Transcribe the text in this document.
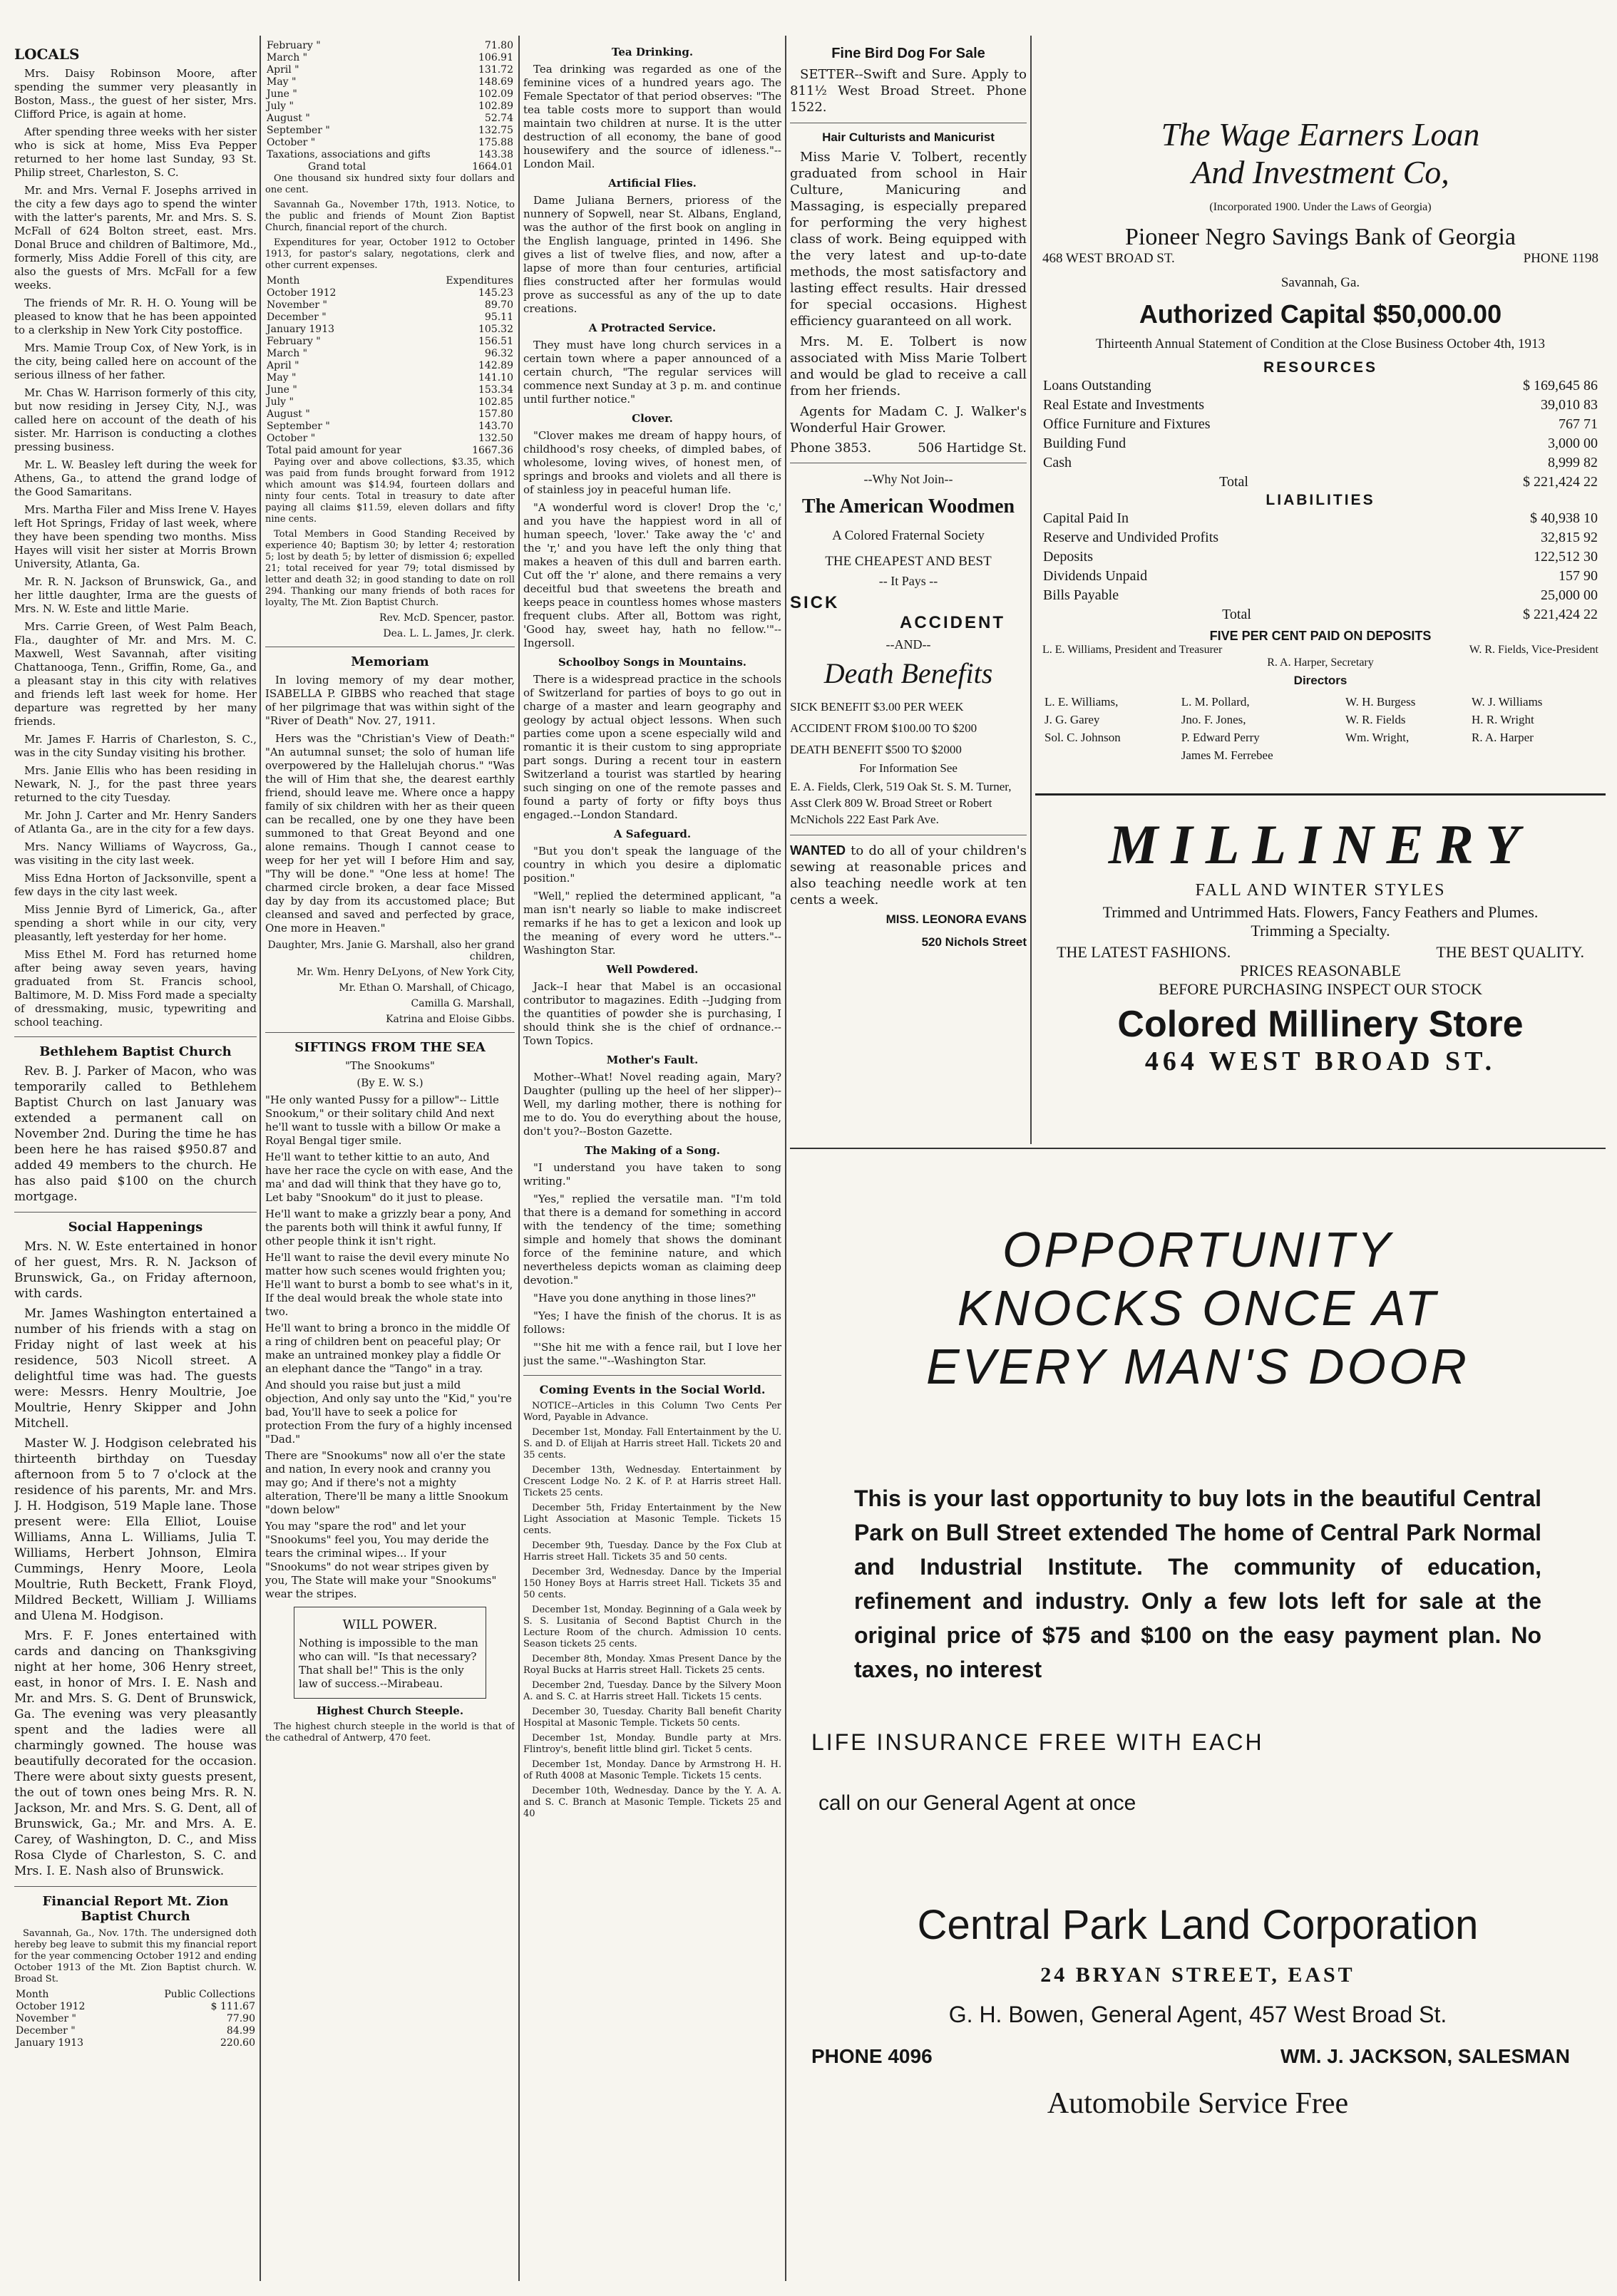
LOCALS

Mrs. Daisy Robinson Moore, after spending the summer very pleasantly in Boston, Mass., the guest of her sister, Mrs. Clifford Price, is again at home.

After spending three weeks with her sister who is sick at home, Miss Eva Pepper returned to her home last Sunday, 93 St. Philip street, Charleston, S. C.

Mr. and Mrs. Vernal F. Josephs arrived in the city a few days ago to spend the winter with the latter's parents, Mr. and Mrs. S. S. McFall of 624 Bolton street, east. Mrs. Donal Bruce and children of Baltimore, Md., formerly, Miss Addie Forell of this city, are also the guests of Mrs. McFall for a few weeks.

The friends of Mr. R. H. O. Young will be pleased to know that he has been appointed to a clerkship in New York City postoffice.

Mrs. Mamie Troup Cox, of New York, is in the city, being called here on account of the serious illness of her father.

Mr. Chas W. Harrison formerly of this city, but now residing in Jersey City, N.J., was called here on account of the death of his sister. Mr. Harrison is conducting a clothes pressing business.

Mr. L. W. Beasley left during the week for Athens, Ga., to attend the grand lodge of the Good Samaritans.

Mrs. Martha Filer and Miss Irene V. Hayes left Hot Springs, Friday of last week, where they have been spending two months. Miss Hayes will visit her sister at Morris Brown University, Atlanta, Ga.

Mr. R. N. Jackson of Brunswick, Ga., and her little daughter, Irma are the guests of Mrs. N. W. Este and little Marie.

Mrs. Carrie Green, of West Palm Beach, Fla., daughter of Mr. and Mrs. M. C. Maxwell, West Savannah, after visiting Chattanooga, Tenn., Griffin, Rome, Ga., and a pleasant stay in this city with relatives and friends left last week for home. Her departure was regretted by her many friends.

Mr. James F. Harris of Charleston, S. C., was in the city Sunday visiting his brother.

Mrs. Janie Ellis who has been residing in Newark, N. J., for the past three years returned to the city Tuesday.

Mr. John J. Carter and Mr. Henry Sanders of Atlanta Ga., are in the city for a few days.

Mrs. Nancy Williams of Waycross, Ga., was visiting in the city last week.

Miss Edna Horton of Jacksonville, spent a few days in the city last week.

Miss Jennie Byrd of Limerick, Ga., after spending a short while in our city, very pleasantly, left yesterday for her home.

Miss Ethel M. Ford has returned home after being away seven years, having graduated from St. Francis school, Baltimore, M. D. Miss Ford made a specialty of dressmaking, music, typewriting and school teaching.

Bethlehem Baptist Church

Rev. B. J. Parker of Macon, who was temporarily called to Bethlehem Baptist Church on last January was extended a permanent call on November 2nd. During the time he has been here he has raised $950.87 and added 49 members to the church. He has also paid $100 on the church mortgage.

Social Happenings

Mrs. N. W. Este entertained in honor of her guest, Mrs. R. N. Jackson of Brunswick, Ga., on Friday afternoon, with cards.

Mr. James Washington entertained a number of his friends with a stag on Friday night of last week at his residence, 503 Nicoll street. A delightful time was had. The guests were: Messrs. Henry Moultrie, Joe Moultrie, Henry Skipper and John Mitchell.

Master W. J. Hodgison celebrated his thirteenth birthday on Tuesday afternoon from 5 to 7 o'clock at the residence of his parents, Mr. and Mrs. J. H. Hodgison, 519 Maple lane. Those present were: Ella Elliot, Louise Williams, Anna L. Williams, Julia T. Williams, Herbert Johnson, Elmira Cummings, Henry Moore, Leola Moultrie, Ruth Beckett, Frank Floyd, Mildred Beckett, William J. Williams and Ulena M. Hodgison.

Mrs. F. F. Jones entertained with cards and dancing on Thanksgiving night at her home, 306 Henry street, east, in honor of Mrs. I. E. Nash and Mr. and Mrs. S. G. Dent of Brunswick, Ga. The evening was very pleasantly spent and the ladies were all charmingly gowned. The house was beautifully decorated for the occasion. There were about sixty guests present, the out of town ones being Mrs. R. N. Jackson, Mr. and Mrs. S. G. Dent, all of Brunswick, Ga.; Mr. and Mrs. A. E. Carey, of Washington, D. C., and Miss Rosa Clyde of Charleston, S. C. and Mrs. I. E. Nash also of Brunswick.

Financial Report Mt. Zion Baptist Church

Savannah, Ga., Nov. 17th. The undersigned doth hereby beg leave to submit this my financial report for the year commencing October 1912 and ending October 1913 of the Mt. Zion Baptist church. W. Broad St.

Month	Public Collections
October 1912	$ 111.67
November "	77.90
December "	84.99
January 1913	220.60
February "	71.80
March "	106.91
April "	131.72
May "	148.69
June "	102.09
July "	102.89
August "	52.74
September "	132.75
October "	175.88
Taxations, associations and gifts	143.38
Grand total	1664.01

One thousand six hundred sixty four dollars and one cent.

Savannah Ga., November 17th, 1913. Notice, to the public and friends of Mount Zion Baptist Church, financial report of the church.

Expenditures for year, October 1912 to October 1913, for pastor's salary, negotations, clerk and other current expenses.

Month	Expenditures
October 1912	145.23
November "	89.70
December "	95.11
January 1913	105.32
February "	156.51
March "	96.32
April "	142.89
May "	141.10
June "	153.34
July "	102.85
August "	157.80
September "	143.70
October "	132.50
Total paid amount for year	1667.36

Paying over and above collections, $3.35, which was paid from funds brought forward from 1912 which amount was $14.94, fourteen dollars and ninty four cents. Total in treasury to date after paying all claims $11.59, eleven dollars and fifty nine cents.

Total Members in Good Standing Received by experience 40; Baptism 30; by letter 4; restoration 5; lost by death 5; by letter of dismission 6; expelled 21; total received for year 79; total dismissed by letter and death 32; in good standing to date on roll 294. Thanking our many friends of both races for loyalty, The Mt. Zion Baptist Church.

Rev. McD. Spencer, pastor.
Dea. L. L. James, Jr. clerk.
Memoriam

In loving memory of my dear mother, ISABELLA P. GIBBS who reached that stage of her pilgrimage that was within sight of the "River of Death" Nov. 27, 1911.

Hers was the "Christian's View of Death:" "An autumnal sunset; the solo of human life overpowered by the Hallelujah chorus." "Was the will of Him that she, the dearest earthly friend, should leave me. Where once a happy family of six children with her as their queen can be recalled, one by one they have been summoned to that Great Beyond and one alone remains. Though I cannot cease to weep for her yet will I before Him and say, "Thy will be done." "One less at home! The charmed circle broken, a dear face Missed day by day from its accustomed place; But cleansed and saved and perfected by grace, One more in Heaven."

Daughter, Mrs. Janie G. Marshall, also her grand children,
Mr. Wm. Henry DeLyons, of New York City,
Mr. Ethan O. Marshall, of Chicago,
Camilla G. Marshall,
Katrina and Eloise Gibbs.
SIFTINGS FROM THE SEA
"The Snookums"
(By E. W. S.)

"He only wanted Pussy for a pillow"-- Little Snookum," or their solitary child And next he'll want to tussle with a billow Or make a Royal Bengal tiger smile.

He'll want to tether kittie to an auto, And have her race the cycle on with ease, And the ma' and dad will think that they have go to, Let baby "Snookum" do it just to please.

He'll want to make a grizzly bear a pony, And the parents both will think it awful funny, If other people think it isn't right.

He'll want to raise the devil every minute No matter how such scenes would frighten you; He'll want to burst a bomb to see what's in it, If the deal would break the whole state into two.

He'll want to bring a bronco in the middle Of a ring of children bent on peaceful play; Or make an untrained monkey play a fiddle Or an elephant dance the "Tango" in a tray.

And should you raise but just a mild objection, And only say unto the "Kid," you're bad, You'll have to seek a police for protection From the fury of a highly incensed "Dad."

There are "Snookums" now all o'er the state and nation, In every nook and cranny you may go; And if there's not a mighty alteration, There'll be many a little Snookum "down below"

You may "spare the rod" and let your "Snookums" feel you, You may deride the tears the criminal wipes... If your "Snookums" do not wear stripes given by you, The State will make your "Snookums" wear the stripes.

WILL POWER.

Nothing is impossible to the man who can will. "Is that necessary? That shall be!" This is the only law of success.--Mirabeau.

Highest Church Steeple.

The highest church steeple in the world is that of the cathedral of Antwerp, 470 feet.

Tea Drinking.

Tea drinking was regarded as one of the feminine vices of a hundred years ago. The Female Spectator of that period observes: "The tea table costs more to support than would maintain two children at nurse. It is the utter destruction of all economy, the bane of good housewifery and the source of idleness."--London Mail.

Artificial Flies.

Dame Juliana Berners, prioress of the nunnery of Sopwell, near St. Albans, England, was the author of the first book on angling in the English language, printed in 1496. She gives a list of twelve flies, and now, after a lapse of more than four centuries, artificial flies constructed after her formulas would prove as successful as any of the up to date creations.

A Protracted Service.

They must have long church services in a certain town where a paper announced of a certain church, "The regular services will commence next Sunday at 3 p. m. and continue until further notice."

Clover.

"Clover makes me dream of happy hours, of childhood's rosy cheeks, of dimpled babes, of wholesome, loving wives, of honest men, of springs and brooks and violets and all there is of stainless joy in peaceful human life.

"A wonderful word is clover! Drop the 'c,' and you have the happiest word in all of human speech, 'lover.' Take away the 'c' and the 'r,' and you have left the only thing that makes a heaven of this dull and barren earth. Cut off the 'r' alone, and there remains a very deceitful bud that sweetens the breath and keeps peace in countless homes whose masters frequent clubs. After all, Bottom was right, 'Good hay, sweet hay, hath no fellow.'"--Ingersoll.

Schoolboy Songs in Mountains.

There is a widespread practice in the schools of Switzerland for parties of boys to go out in charge of a master and learn geography and geology by actual object lessons. When such parties come upon a scene especially wild and romantic it is their custom to sing appropriate part songs. During a recent tour in eastern Switzerland a tourist was startled by hearing such singing on one of the remote passes and found a party of forty or fifty boys thus engaged.--London Standard.

A Safeguard.

"But you don't speak the language of the country in which you desire a diplomatic position."

"Well," replied the determined applicant, "a man isn't nearly so liable to make indiscreet remarks if he has to get a lexicon and look up the meaning of every word he utters."--Washington Star.

Well Powdered.

Jack--I hear that Mabel is an occasional contributor to magazines. Edith --Judging from the quantities of powder she is purchasing, I should think she is the chief of ordnance.--Town Topics.

Mother's Fault.

Mother--What! Novel reading again, Mary? Daughter (pulling up the heel of her slipper)--Well, my darling mother, there is nothing for me to do. You do everything about the house, don't you?--Boston Gazette.

The Making of a Song.

"I understand you have taken to song writing."

"Yes," replied the versatile man. "I'm told that there is a demand for something in accord with the tendency of the time; something simple and homely that shows the dominant force of the feminine nature, and which nevertheless depicts woman as claiming deep devotion."

"Have you done anything in those lines?"

"Yes; I have the finish of the chorus. It is as follows:

"'She hit me with a fence rail, but I love her just the same.'"--Washington Star.

Coming Events in the Social World.

NOTICE--Articles in this Column Two Cents Per Word, Payable in Advance.

December 1st, Monday. Fall Entertainment by the U. S. and D. of Elijah at Harris street Hall. Tickets 20 and 35 cents.

December 13th, Wednesday. Entertainment by Crescent Lodge No. 2 K. of P. at Harris street Hall. Tickets 25 cents.

December 5th, Friday Entertainment by the New Light Association at Masonic Temple. Tickets 15 cents.

December 9th, Tuesday. Dance by the Fox Club at Harris street Hall. Tickets 35 and 50 cents.

December 3rd, Wednesday. Dance by the Imperial 150 Honey Boys at Harris street Hall. Tickets 35 and 50 cents.

December 1st, Monday. Beginning of a Gala week by S. S. Lusitania of Second Baptist Church in the Lecture Room of the church. Admission 10 cents. Season tickets 25 cents.

December 8th, Monday. Xmas Present Dance by the Royal Bucks at Harris street Hall. Tickets 25 cents.

December 2nd, Tuesday. Dance by the Silvery Moon A. and S. C. at Harris street Hall. Tickets 15 cents.

December 30, Tuesday. Charity Ball benefit Charity Hospital at Masonic Temple. Tickets 50 cents.

December 1st, Monday. Bundle party at Mrs. Flintroy's, benefit little blind girl. Ticket 5 cents.

December 1st, Monday. Dance by Armstrong H. H. of Ruth 4008 at Masonic Temple. Tickets 15 cents.

December 10th, Wednesday. Dance by the Y. A. A. and S. C. Branch at Masonic Temple. Tickets 25 and 40

Fine Bird Dog For Sale

SETTER--Swift and Sure. Apply to 811½ West Broad Street. Phone 1522.

Hair Culturists and Manicurist

Miss Marie V. Tolbert, recently graduated from school in Hair Culture, Manicuring and Massaging, is especially prepared for performing the very highest class of work. Being equipped with the very latest and up-to-date methods, the most satisfactory and lasting effect results. Hair dressed for special occasions. Highest efficiency guaranteed on all work.

Mrs. M. E. Tolbert is now associated with Miss Marie Tolbert and would be glad to receive a call from her friends.

Agents for Madam C. J. Walker's Wonderful Hair Grower.

Phone 3853.	506 Hartidge St.
--Why Not Join--
The American Woodmen
A Colored Fraternal Society
THE CHEAPEST AND BEST
-- It Pays --
SICK
ACCIDENT
--AND--
Death Benefits
SICK BENEFIT $3.00 PER WEEK
ACCIDENT FROM $100.00 TO $200
DEATH BENEFIT $500 TO $2000
For Information See

E. A. Fields, Clerk, 519 Oak St. S. M. Turner, Asst Clerk 809 W. Broad Street or Robert McNichols 222 East Park Ave.

WANTED to do all of your children's sewing at reasonable prices and also teaching needle work at ten cents a week.

MISS. LEONORA EVANS
520 Nichols Street
The Wage Earners Loan
And Investment Co,
(Incorporated 1900. Under the Laws of Georgia)
Pioneer Negro Savings Bank of Georgia
468 WEST BROAD ST.	PHONE 1198
Savannah, Ga.
Authorized Capital $50,000.00
Thirteenth Annual Statement of Condition at the Close Business October 4th, 1913
RESOURCES
Loans Outstanding	$ 169,645 86
Real Estate and Investments	39,010 83
Office Furniture and Fixtures	767 71
Building Fund	3,000 00
Cash	8,999 82
Total	$ 221,424 22
LIABILITIES
Capital Paid In	$ 40,938 10
Reserve and Undivided Profits	32,815 92
Deposits	122,512 30
Dividends Unpaid	157 90
Bills Payable	25,000 00
Total	$ 221,424 22
FIVE PER CENT PAID ON DEPOSITS
L. E. Williams, President and Treasurer	W. R. Fields, Vice-President
R. A. Harper, Secretary
Directors
L. E. Williams,	L. M. Pollard,	W. H. Burgess	W. J. Williams
J. G. Garey	Jno. F. Jones,	W. R. Fields	H. R. Wright
Sol. C. Johnson	P. Edward Perry	Wm. Wright,	R. A. Harper
	James M. Ferrebee		
MILLINERY
FALL AND WINTER STYLES
Trimmed and Untrimmed Hats. Flowers, Fancy Feathers and Plumes. Trimming a Specialty.
THE LATEST FASHIONS.	THE BEST QUALITY.
PRICES REASONABLE
BEFORE PURCHASING INSPECT OUR STOCK
Colored Millinery Store
464 WEST BROAD ST.
OPPORTUNITY
KNOCKS ONCE AT
EVERY MAN'S DOOR
This is your last opportunity to buy lots in the beautiful Central Park on Bull Street extended The home of Central Park Normal and Industrial Institute. The community of education, refinement and industry. Only a few lots left for sale at the original price of $75 and $100 on the easy payment plan. No taxes, no interest
LIFE INSURANCE FREE WITH EACH
call on our General Agent at once
Central Park Land Corporation
24 BRYAN STREET, EAST
G. H. Bowen, General Agent, 457 West Broad St.
PHONE 4096	WM. J. JACKSON, SALESMAN
Automobile Service Free
